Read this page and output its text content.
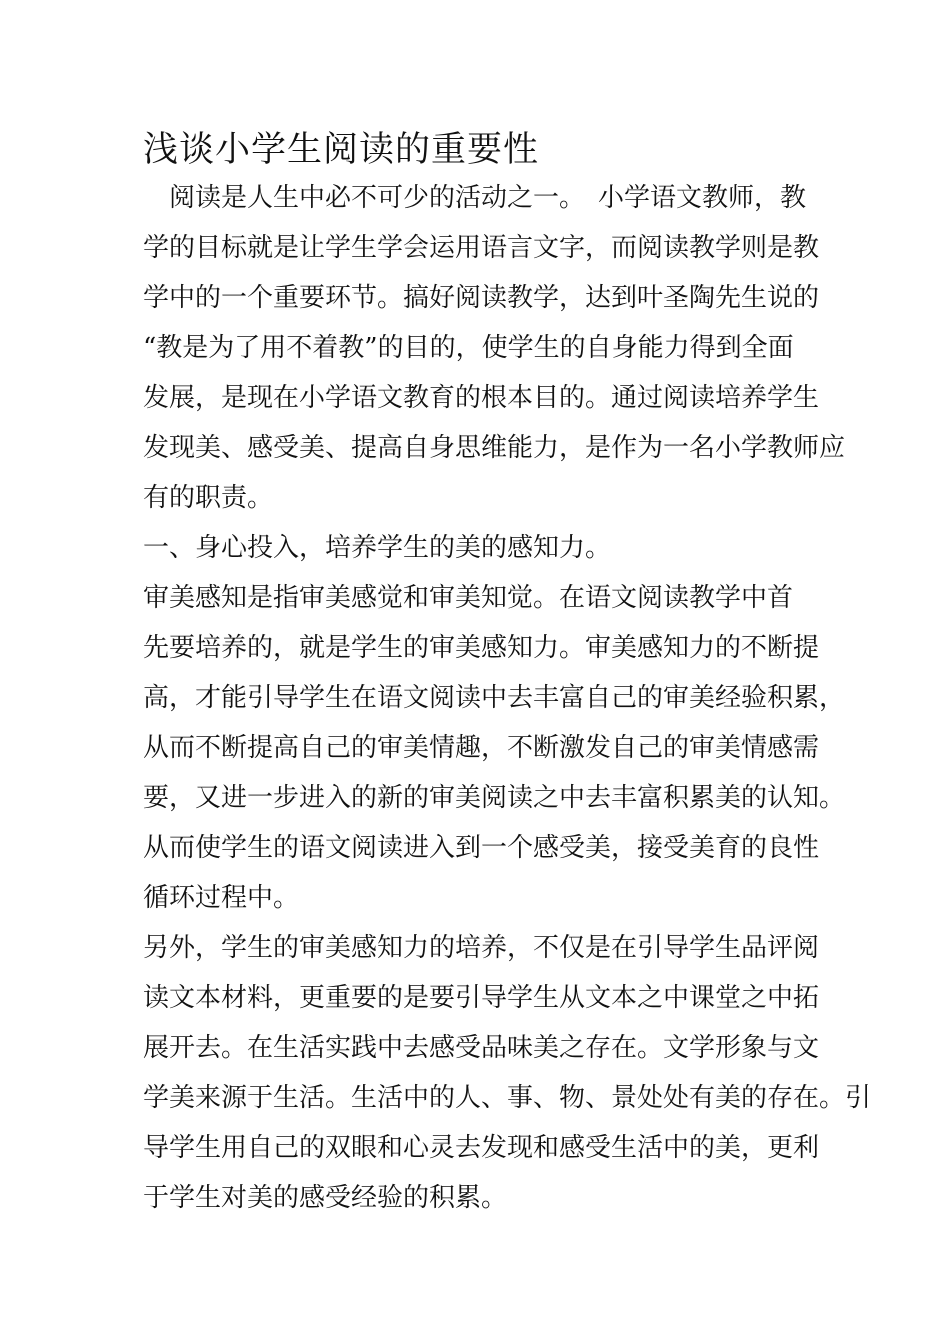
浅谈小学生阅读的重要性
　阅读是人生中必不可少的活动之一。　小学语文教师，教
学的目标就是让学生学会运用语言文字，而阅读教学则是教
学中的一个重要环节。搞好阅读教学，达到叶圣陶先生说的
“教是为了用不着教”的目的，使学生的自身能力得到全面
发展，是现在小学语文教育的根本目的。通过阅读培养学生
发现美、感受美、提高自身思维能力，是作为一名小学教师应
有的职责。
一、身心投入，培养学生的美的感知力。
审美感知是指审美感觉和审美知觉。在语文阅读教学中首
先要培养的，就是学生的审美感知力。审美感知力的不断提
高，才能引导学生在语文阅读中去丰富自己的审美经验积累，
从而不断提高自己的审美情趣，不断激发自己的审美情感需
要，又进一步进入的新的审美阅读之中去丰富积累美的认知。
从而使学生的语文阅读进入到一个感受美，接受美育的良性
循环过程中。
另外，学生的审美感知力的培养，不仅是在引导学生品评阅
读文本材料，更重要的是要引导学生从文本之中课堂之中拓
展开去。在生活实践中去感受品味美之存在。文学形象与文
学美来源于生活。生活中的人、事、物、景处处有美的存在。引
导学生用自己的双眼和心灵去发现和感受生活中的美，更利
于学生对美的感受经验的积累。
